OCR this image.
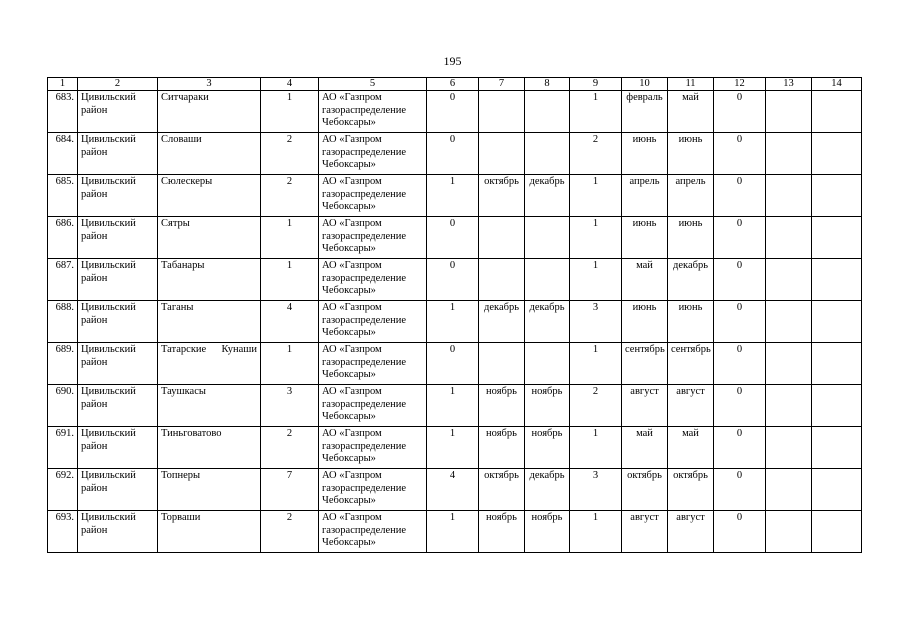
195
1	2	3	4	5	6	7	8	9	10	11	12	13	14
683.	Цивильский район	Ситчараки	1	АО «Газпром газораспределение Чебоксары»	0			1	февраль	май	0		
684.	Цивильский район	Словаши	2	АО «Газпром газораспределение Чебоксары»	0			2	июнь	июнь	0		
685.	Цивильский район	Сюлескеры	2	АО «Газпром газораспределение Чебоксары»	1	октябрь	декабрь	1	апрель	апрель	0		
686.	Цивильский район	Сятры	1	АО «Газпром газораспределение Чебоксары»	0			1	июнь	июнь	0		
687.	Цивильский район	Табанары	1	АО «Газпром газораспределение Чебоксары»	0			1	май	декабрь	0		
688.	Цивильский район	Таганы	4	АО «Газпром газораспределение Чебоксары»	1	декабрь	декабрь	3	июнь	июнь	0		
689.	Цивильский район	Татарские Кунаши	1	АО «Газпром газораспределение Чебоксары»	0			1	сентябрь	сентябрь	0		
690.	Цивильский район	Таушкасы	3	АО «Газпром газораспределение Чебоксары»	1	ноябрь	ноябрь	2	август	август	0		
691.	Цивильский район	Тиньговатово	2	АО «Газпром газораспределение Чебоксары»	1	ноябрь	ноябрь	1	май	май	0		
692.	Цивильский район	Топнеры	7	АО «Газпром газораспределение Чебоксары»	4	октябрь	декабрь	3	октябрь	октябрь	0		
693.	Цивильский район	Торваши	2	АО «Газпром газораспределение Чебоксары»	1	ноябрь	ноябрь	1	август	август	0		
